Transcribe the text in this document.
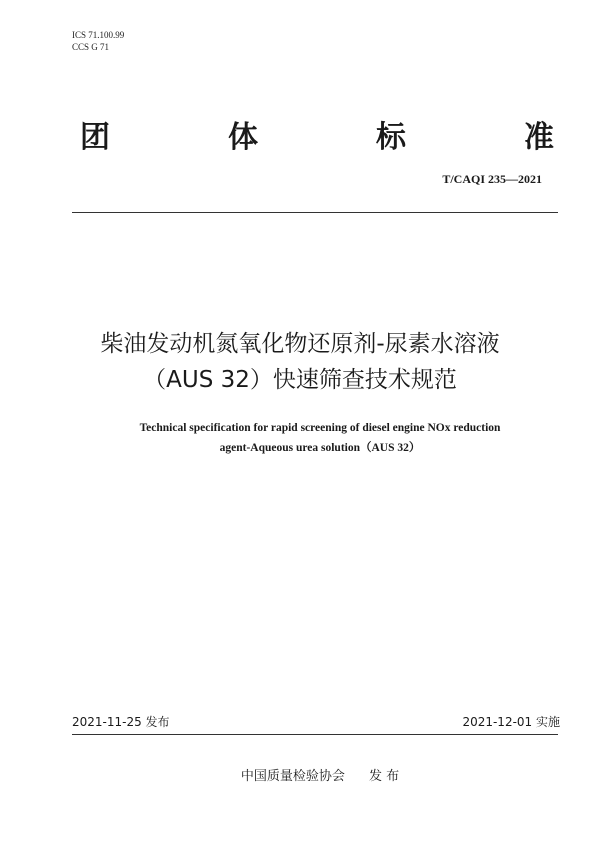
ICS 71.100.99
CCS G 71
团	体	标	准
T/CAQI 235—2021
柴油发动机氮氧化物还原剂-尿素水溶液
（AUS 32）快速筛查技术规范
Technical specification for rapid screening of diesel engine NOx reduction
agent-Aqueous urea solution（AUS 32）
2021-11-25 发布	2021-12-01 实施
中国质量检验协会 发 布
